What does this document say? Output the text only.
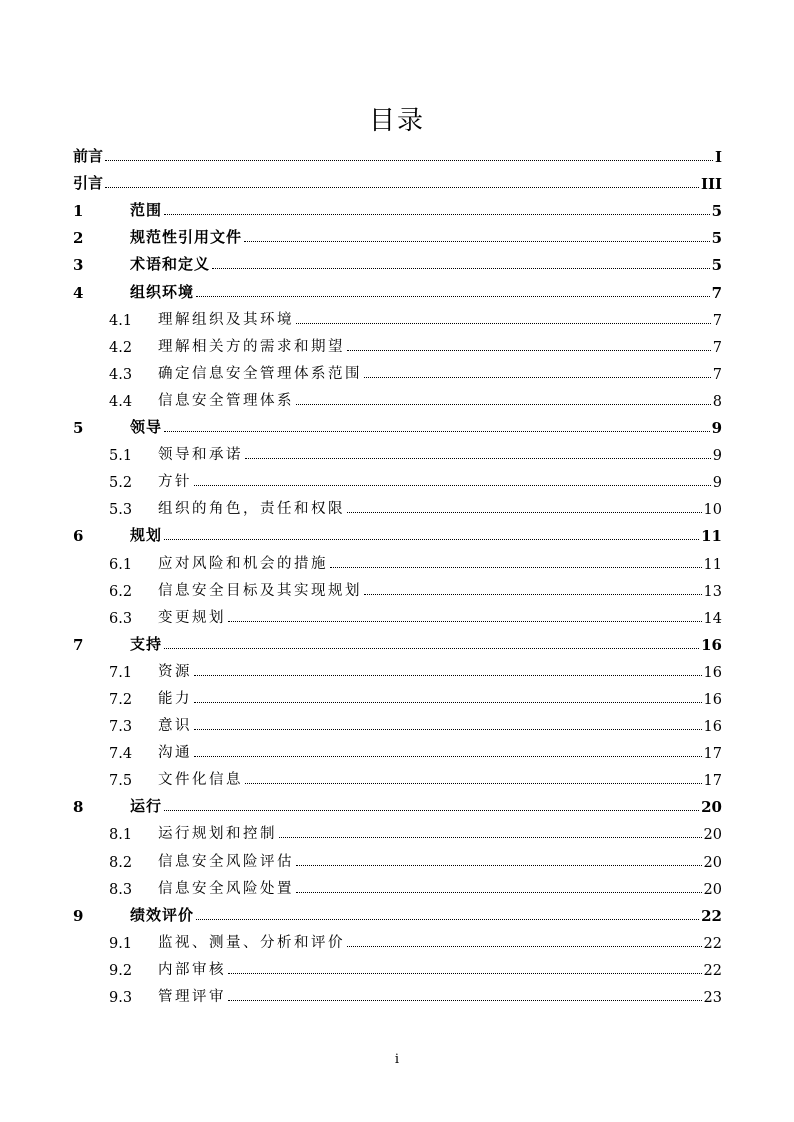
目录
前言	I
引言	III
1	范围	5
2	规范性引用文件	5
3	术语和定义	5
4	组织环境	7
4.1	理解组织及其环境	7
4.2	理解相关方的需求和期望	7
4.3	确定信息安全管理体系范围	7
4.4	信息安全管理体系	8
5	领导	9
5.1	领导和承诺	9
5.2	方针	9
5.3	组织的角色，责任和权限	10
6	规划	11
6.1	应对风险和机会的措施	11
6.2	信息安全目标及其实现规划	13
6.3	变更规划	14
7	支持	16
7.1	资源	16
7.2	能力	16
7.3	意识	16
7.4	沟通	17
7.5	文件化信息	17
8	运行	20
8.1	运行规划和控制	20
8.2	信息安全风险评估	20
8.3	信息安全风险处置	20
9	绩效评价	22
9.1	监视、测量、分析和评价	22
9.2	内部审核	22
9.3	管理评审	23
i
